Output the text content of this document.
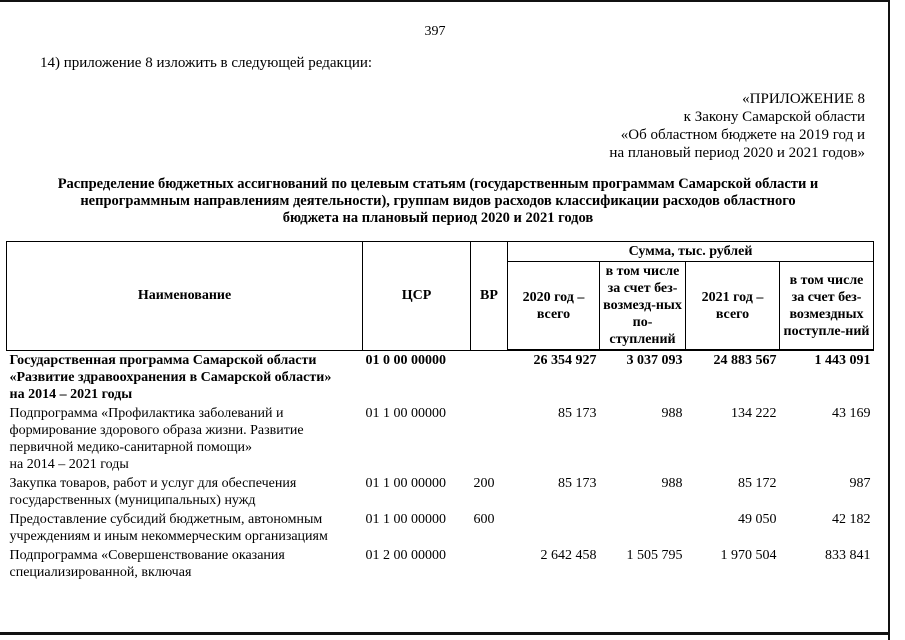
397
14) приложение 8 изложить в следующей редакции:
«ПРИЛОЖЕНИЕ 8
к Закону Самарской области
«Об областном бюджете на 2019 год и
на плановый период 2020 и 2021 годов»
Распределение бюджетных ассигнований по целевым статьям (государственным программам Самарской области и
непрограммным направлениям деятельности), группам видов расходов классификации расходов областного
бюджета на плановый период 2020 и 2021 годов
Наименование	ЦСР	ВР	Сумма, тыс. рублей			
			2020 год – всего	в том числе за счет без-возмезд-ных по-ступлений	2021 год – всего	в том числе за счет без-возмездных поступле-ний

Государственная программа Самарской области
«Развитие здравоохранения в Самарской области»
на 2014 – 2021 годы	01 0 00 00000		26 354 927	3 037 093	24 883 567	1 443 091

Подпрограмма «Профилактика заболеваний и
формирование здорового образа жизни. Развитие
первичной медико-санитарной помощи»
на 2014 – 2021 годы	01 1 00 00000		85 173	988	134 222	43 169

Закупка товаров, работ и услуг для обеспечения
государственных (муниципальных) нужд	01 1 00 00000	200	85 173	988	85 172	987

Предоставление субсидий бюджетным, автономным
учреждениям и иным некоммерческим организациям	01 1 00 00000	600			49 050	42 182

Подпрограмма «Совершенствование оказания
специализированной, включая	01 2 00 00000		2 642 458	1 505 795	1 970 504	833 841
